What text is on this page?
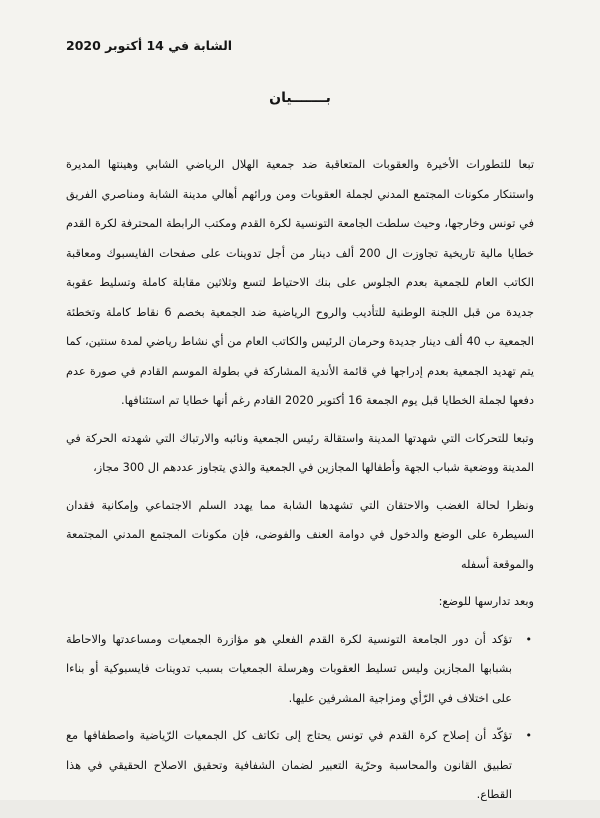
الشابة في 14 أكتوبر 2020
بـــــــيان

تبعا للتطورات الأخيرة والعقوبات المتعاقبة ضد جمعية الهلال الرياضي الشابي وهينتها المديرة واستنكار مكونات المجتمع المدني لجملة العقوبات ومن ورائهم أهالي مدينة الشابة ومناصري الفريق في تونس وخارجها، وحيث سلطت الجامعة التونسية لكرة القدم ومكتب الرابطة المحترفة لكرة القدم خطايا مالية تاريخية تجاوزت ال 200 ألف دينار من أجل تدوينات على صفحات الفايسبوك ومعاقبة الكاتب العام للجمعية بعدم الجلوس على بنك الاحتياط لتسع وثلاثين مقابلة كاملة وتسليط عقوبة جديدة من قبل اللجنة الوطنية للتأديب والروح الرياضية ضد الجمعية بخصم 6 نقاط كاملة وتخطئة الجمعية ب 40 ألف دينار جديدة وحرمان الرئيس والكاتب العام من أي نشاط رياضي لمدة سنتين، كما يتم تهديد الجمعية بعدم إدراجها في قائمة الأندية المشاركة في بطولة الموسم القادم في صورة عدم دفعها لجملة الخطايا قبل يوم الجمعة 16 أكتوبر 2020 القادم رغم أنها خطايا تم استئنافها.

وتبعا للتحركات التي شهدتها المدينة واستقالة رئيس الجمعية ونائبه والارتباك التي شهدته الحركة في المدينة ووضعية شباب الجهة وأطفالها المجازين في الجمعية والذي يتجاوز عددهم ال 300 مجاز،

ونظرا لحالة الغضب والاحتقان التي تشهدها الشابة مما يهدد السلم الاجتماعي وإمكانية فقدان السيطرة على الوضع والدخول في دوامة العنف والفوضى، فإن مكونات المجتمع المدني المجتمعة والموقعة أسفله

وبعد تدارسها للوضع:

•
تؤكد أن دور الجامعة التونسية لكرة القدم الفعلي هو مؤازرة الجمعيات ومساعدتها والاحاطة بشبابها المجازين وليس تسليط العقوبات وهرسلة الجمعيات بسبب تدوينات فايسبوكية أو بناءا على اختلاف في الرّأي ومزاجية المشرفين عليها.
•
تؤكّد أن إصلاح كرة القدم في تونس يحتاج إلى تكاتف كل الجمعيات الرّياضية واصطفافها مع تطبيق القانون والمحاسبة وحرّية التعبير لضمان الشفافية وتحقيق الاصلاح الحقيقي في هذا القطاع.
